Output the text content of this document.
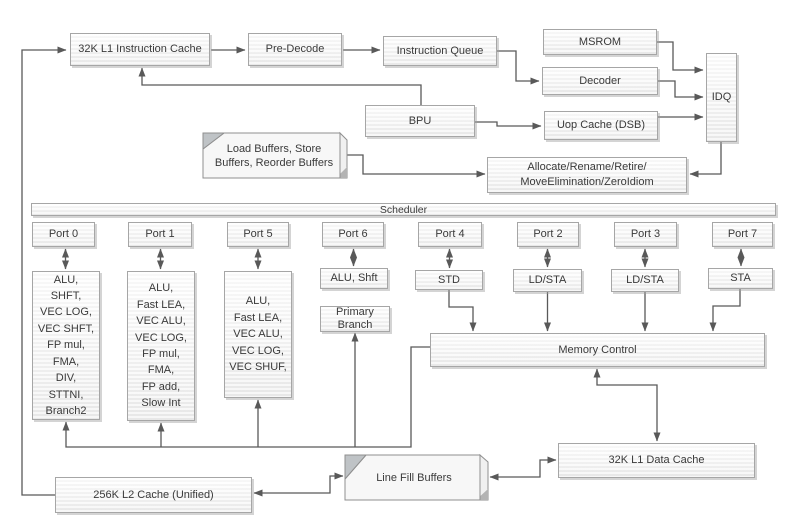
32K L1 Instruction Cache	Pre-Decode	Instruction Queue
MSROM
Decoder
IDQ
BPU	Uop Cache (DSB)
Load Buffers, Store
Buffers, Reorder Buffers	Allocate/Rename/Retire/
MoveElimination/ZeroIdiom
Scheduler
Port 0	Port 1	Port 5	Port 6	Port 4	Port 2	Port 3	Port 7
ALU,
SHFT,
VEC LOG,
VEC SHFT,
FP mul,
FMA,
DIV,
STTNI,
Branch2
ALU,
Fast LEA,
VEC ALU,
VEC LOG,
FP mul,
FMA,
FP add,
Slow Int
ALU,
Fast LEA,
VEC ALU,
VEC LOG,
VEC SHUF,
ALU, Shft
Primary Branch
STD	LD/STA	LD/STA	STA
Memory Control
32K L1 Data Cache
Line Fill Buffers
256K L2 Cache (Unified)
